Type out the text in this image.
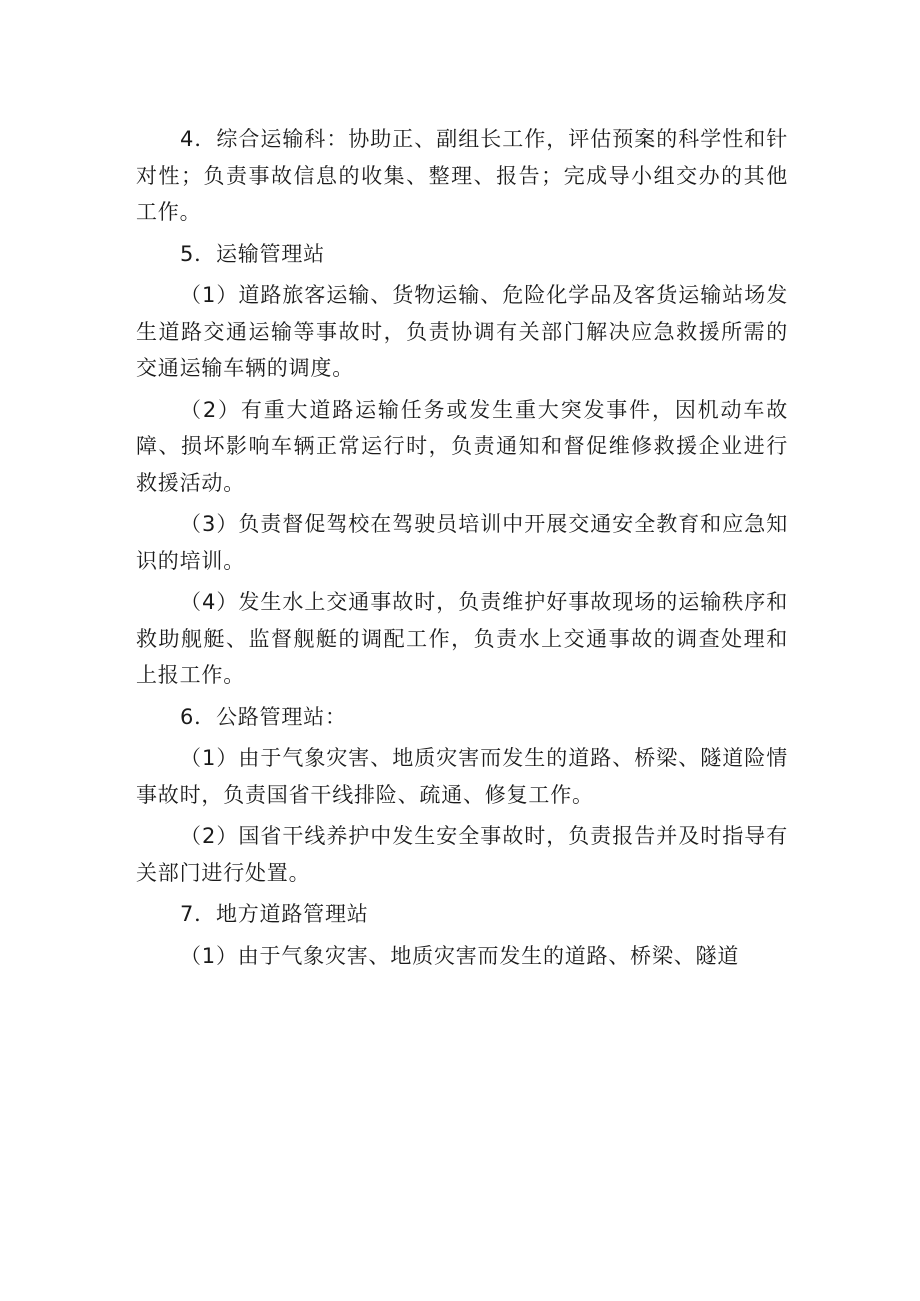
4．综合运输科：协助正、副组长工作，评估预案的科学性和针对性；负责事故信息的收集、整理、报告；完成导小组交办的其他工作。

5．运输管理站

（1）道路旅客运输、货物运输、危险化学品及客货运输站场发生道路交通运输等事故时，负责协调有关部门解决应急救援所需的交通运输车辆的调度。

（2）有重大道路运输任务或发生重大突发事件，因机动车故障、损坏影响车辆正常运行时，负责通知和督促维修救援企业进行救援活动。

（3）负责督促驾校在驾驶员培训中开展交通安全教育和应急知识的培训。

（4）发生水上交通事故时，负责维护好事故现场的运输秩序和救助舰艇、监督舰艇的调配工作，负责水上交通事故的调查处理和上报工作。

6．公路管理站：

（1）由于气象灾害、地质灾害而发生的道路、桥梁、隧道险情事故时，负责国省干线排险、疏通、修复工作。

（2）国省干线养护中发生安全事故时，负责报告并及时指导有关部门进行处置。

7．地方道路管理站

（1）由于气象灾害、地质灾害而发生的道路、桥梁、隧道
